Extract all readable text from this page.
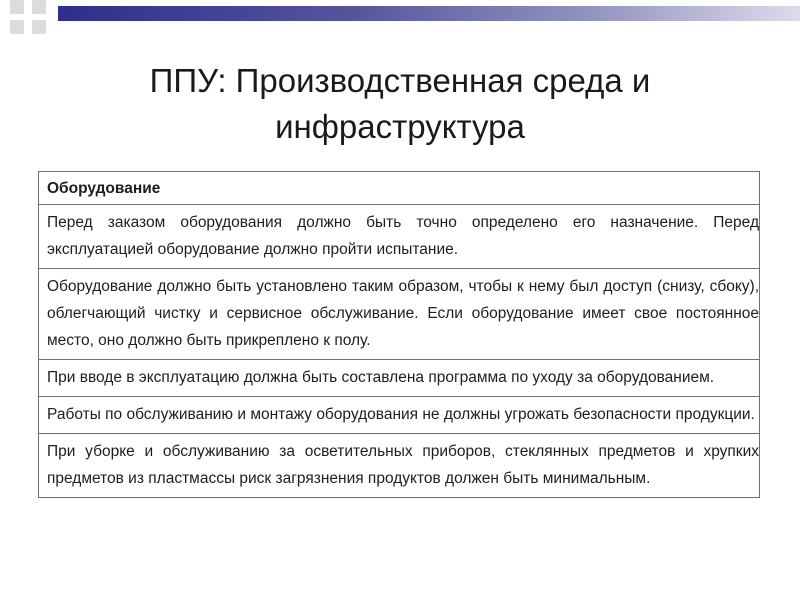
ППУ: Производственная среда и
инфраструктура
Оборудование
Перед заказом оборудования должно быть точно определено его назначение. Перед эксплуатацией оборудование должно пройти испытание.
Оборудование должно быть установлено таким образом, чтобы к нему был доступ (снизу, сбоку), облегчающий чистку и сервисное обслуживание. Если оборудование имеет свое постоянное место, оно должно быть прикреплено к полу.
При вводе в эксплуатацию должна быть составлена программа по уходу за оборудованием.
Работы по обслуживанию и монтажу оборудования не должны угрожать безопасности продукции.
При уборке и обслуживанию за осветительных приборов, стеклянных предметов и хрупких предметов из пластмассы риск загрязнения продуктов должен быть минимальным.
